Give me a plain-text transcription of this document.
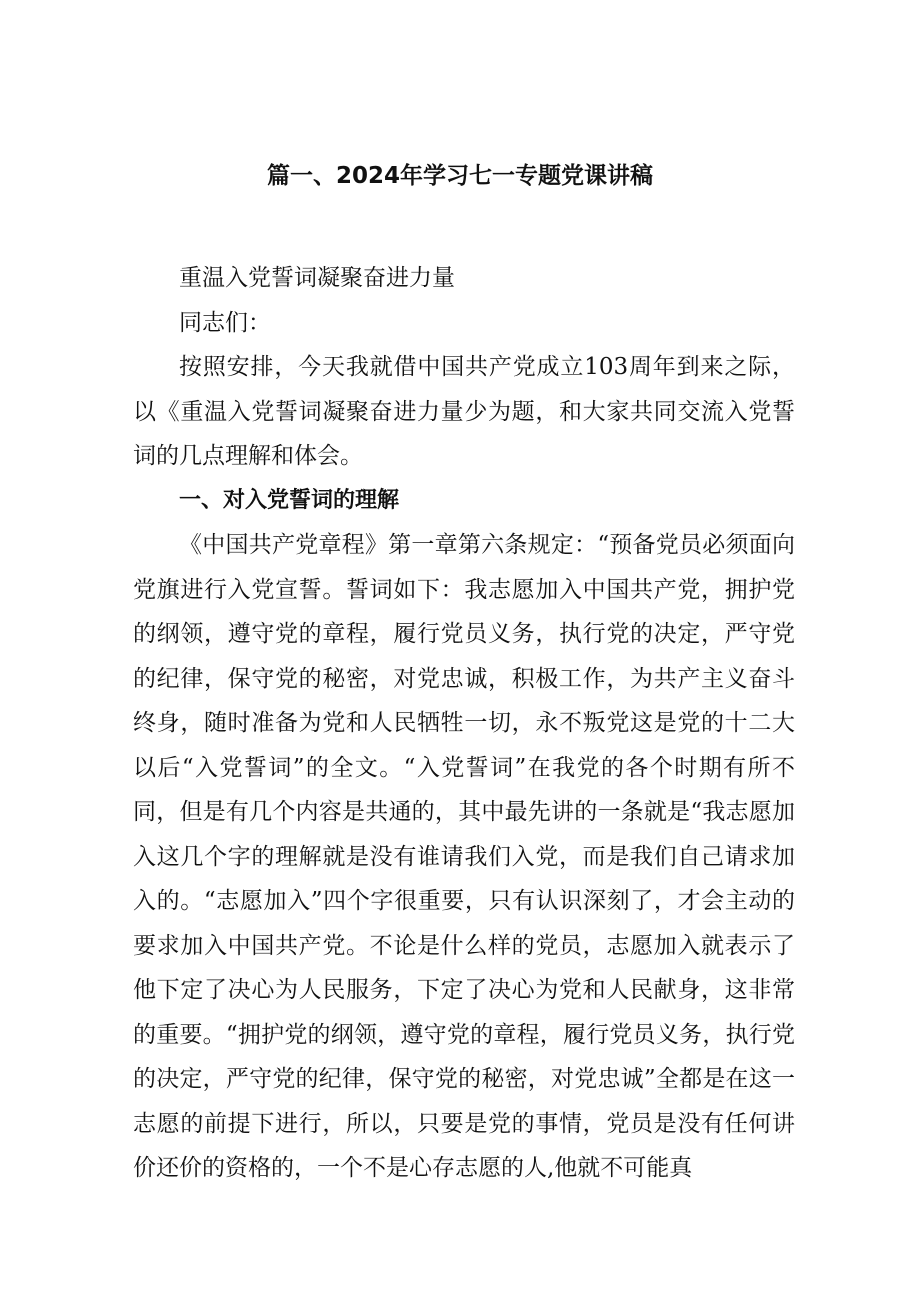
篇一、2024年学习七一专题党课讲稿

重温入党誓词凝聚奋进力量

同志们：

按照安排，今天我就借中国共产党成立103周年到来之际，以《重温入党誓词凝聚奋进力量少为题，和大家共同交流入党誓词的几点理解和体会。

一、对入党誓词的理解

《中国共产党章程》第一章第六条规定：“预备党员必须面向党旗进行入党宣誓。誓词如下：我志愿加入中国共产党，拥护党的纲领，遵守党的章程，履行党员义务，执行党的决定，严守党的纪律，保守党的秘密，对党忠诚，积极工作，为共产主义奋斗终身，随时准备为党和人民牺牲一切，永不叛党这是党的十二大以后“入党誓词”的全文。“入党誓词”在我党的各个时期有所不同，但是有几个内容是共通的，其中最先讲的一条就是“我志愿加入这几个字的理解就是没有谁请我们入党，而是我们自己请求加入的。“志愿加入”四个字很重要，只有认识深刻了，才会主动的要求加入中国共产党。不论是什么样的党员，志愿加入就表示了他下定了决心为人民服务，下定了决心为党和人民献身，这非常的重要。“拥护党的纲领，遵守党的章程，履行党员义务，执行党的决定，严守党的纪律，保守党的秘密，对党忠诚”全都是在这一志愿的前提下进行，所以，只要是党的事情，党员是没有任何讲价还价的资格的，一个不是心存志愿的人,他就不可能真
